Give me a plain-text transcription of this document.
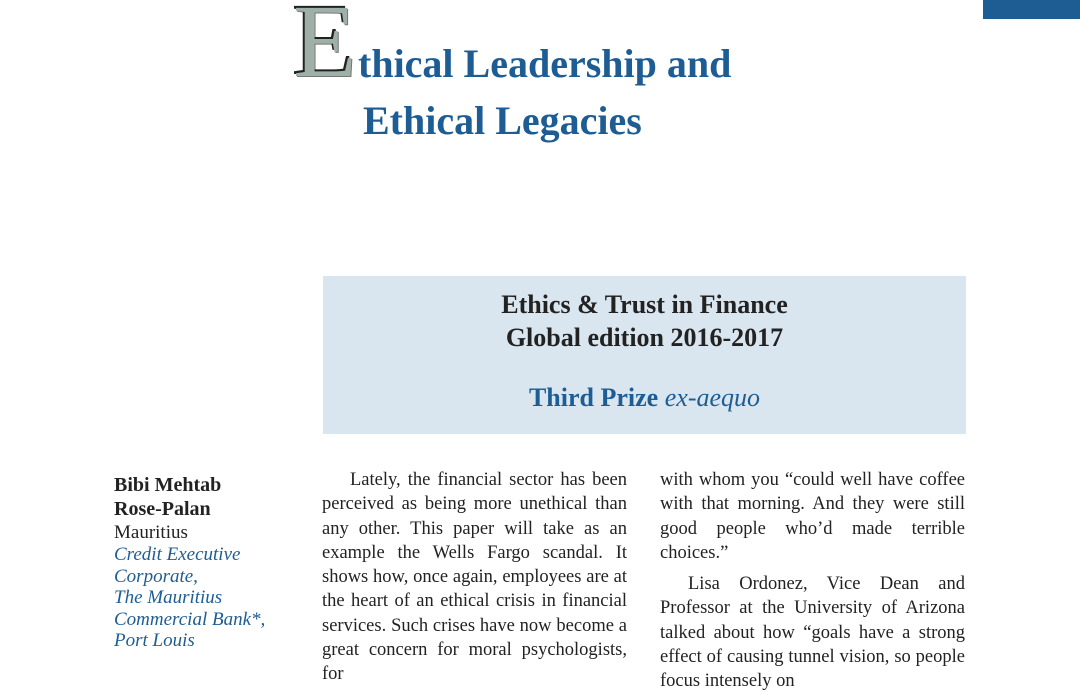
E thical Leadership and
Ethical Legacies
Ethics & Trust in Finance
Global edition 2016-2017
Third Prize ex-aequo
Bibi Mehtab
Rose-Palan
Mauritius
Credit Executive
Corporate,
The Mauritius
Commercial Bank*,
Port Louis

Lately, the financial sector has been perceived as being more unethical than any other. This paper will take as an example the Wells Fargo scandal. It shows how, once again, employees are at the heart of an ethical crisis in financial services. Such crises have now become a great concern for moral psychologists, for

with whom you “could well have coffee with that morning. And they were still good people who’d made terrible choices.”

Lisa Ordonez, Vice Dean and Professor at the University of Arizona talked about how “goals have a strong effect of causing tunnel vision, so people focus intensely on
